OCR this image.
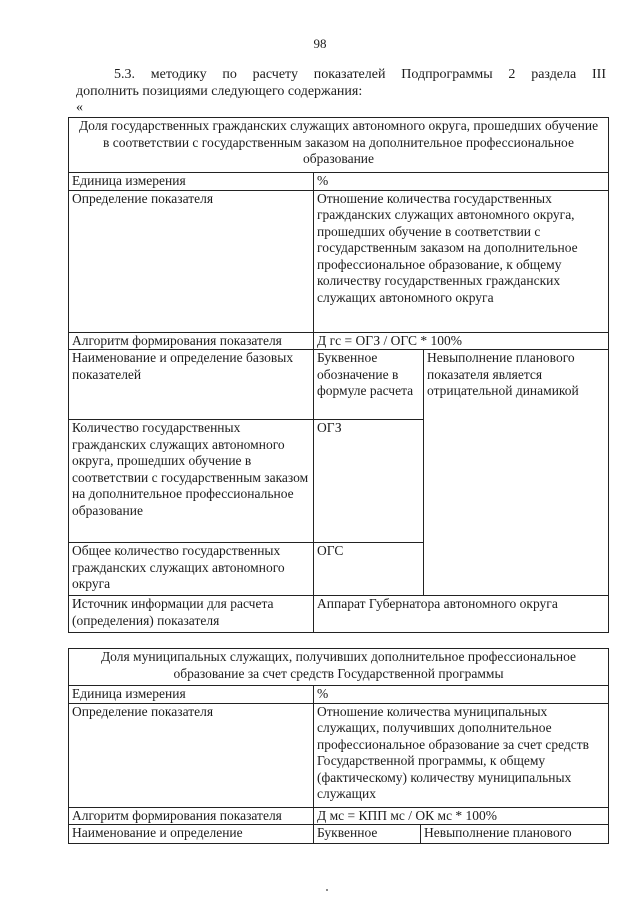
98
5.3. методику по расчету показателей Подпрограммы 2 раздела III
дополнить позициями следующего содержания:
«
Доля государственных гражданских служащих автономного округа, прошедших обучение в соответствии с государственным заказом на дополнительное профессиональное образование		
Единица измерения	%	
Определение показателя	Отношение количества государственных гражданских служащих автономного округа, прошедших обучение в соответствии с государственным заказом на дополнительное профессиональное образование, к общему количеству государственных гражданских служащих автономного округа	
Алгоритм формирования показателя	Д гс = ОГЗ / ОГС * 100%	
Наименование и определение базовых показателей	Буквенное обозначение в формуле расчета	Невыполнение планового показателя является отрицательной динамикой
Количество государственных гражданских служащих автономного округа, прошедших обучение в соответствии с государственным заказом на дополнительное профессиональное образование	ОГЗ	
Общее количество государственных гражданских служащих автономного округа	ОГС	
Источник информации для расчета (определения) показателя	Аппарат Губернатора автономного округа	
Доля муниципальных служащих, получивших дополнительное профессиональное образование за счет средств Государственной программы		
Единица измерения	%	
Определение показателя	Отношение количества муниципальных служащих, получивших дополнительное профессиональное образование за счет средств Государственной программы, к общему (фактическому) количеству муниципальных служащих	
Алгоритм формирования показателя	Д мс = КПП мс / ОК мс * 100%	
Наименование и определение	Буквенное	Невыполнение планового
